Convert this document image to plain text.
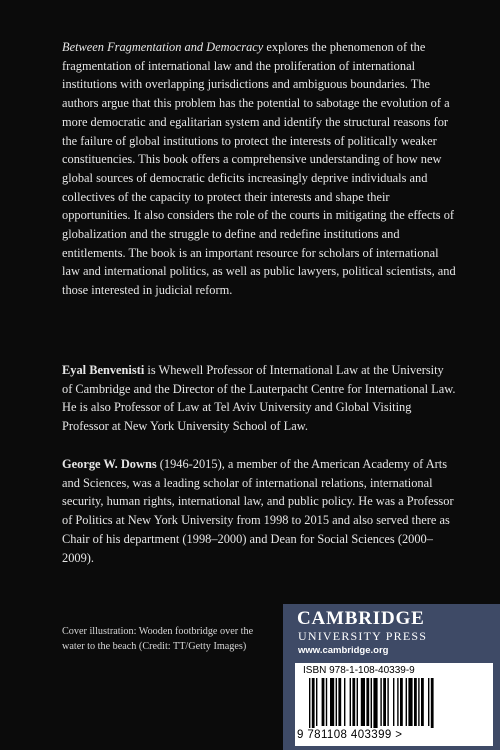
Between Fragmentation and Democracy explores the phenomenon of the fragmentation of international law and the proliferation of international institutions with overlapping jurisdictions and ambiguous boundaries. The authors argue that this problem has the potential to sabotage the evolution of a more democratic and egalitarian system and identify the structural reasons for the failure of global institutions to protect the interests of politically weaker constituencies. This book offers a comprehensive understanding of how new global sources of democratic deficits increasingly deprive individuals and collectives of the capacity to protect their interests and shape their opportunities. It also considers the role of the courts in mitigating the effects of globalization and the struggle to define and redefine institutions and entitlements. The book is an important resource for scholars of international law and international politics, as well as public lawyers, political scientists, and those interested in judicial reform.

Eyal Benvenisti is Whewell Professor of International Law at the University of Cambridge and the Director of the Lauterpacht Centre for International Law. He is also Professor of Law at Tel Aviv University and Global Visiting Professor at New York University School of Law.

George W. Downs (1946-2015), a member of the American Academy of Arts and Sciences, was a leading scholar of international relations, international security, human rights, international law, and public policy. He was a Professor of Politics at New York University from 1998 to 2015 and also served there as Chair of his department (1998–2000) and Dean for Social Sciences (2000–2009).

Cover illustration: Wooden footbridge over the water to the beach (Credit: TT/Getty Images)

CAMBRIDGE
UNIVERSITY PRESS
www.cambridge.org
ISBN 978-1-108-40339-9
9 781108 403399 >
